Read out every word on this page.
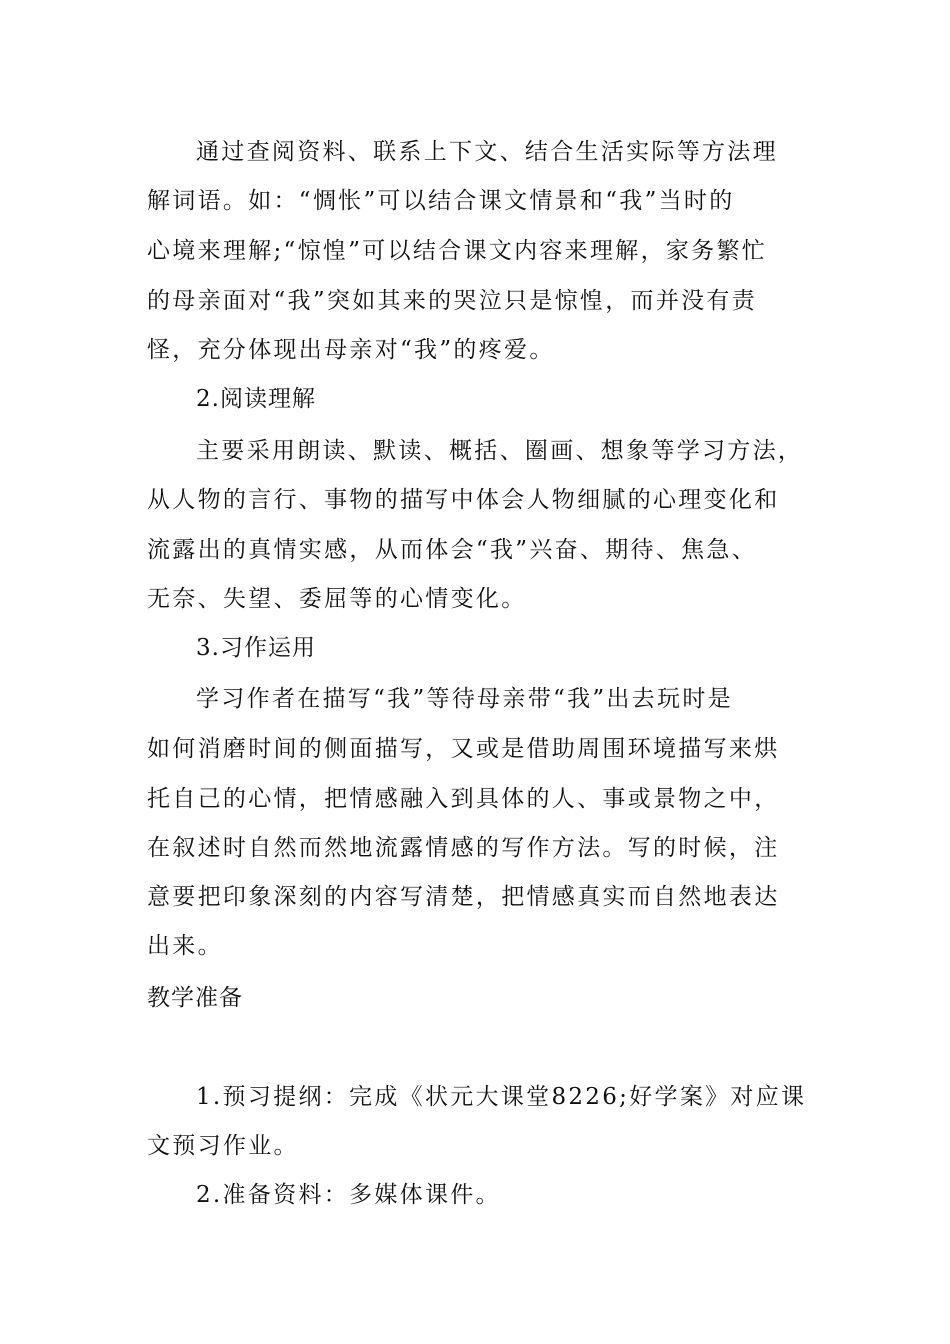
通过查阅资料、联系上下文、结合生活实际等方法理
解词语。如：“惆怅”可以结合课文情景和“我”当时的
心境来理解;“惊惶”可以结合课文内容来理解，家务繁忙
的母亲面对“我”突如其来的哭泣只是惊惶，而并没有责
怪，充分体现出母亲对“我”的疼爱。
2.阅读理解
主要采用朗读、默读、概括、圈画、想象等学习方法，
从人物的言行、事物的描写中体会人物细腻的心理变化和
流露出的真情实感，从而体会“我”兴奋、期待、焦急、
无奈、失望、委屈等的心情变化。
3.习作运用
学习作者在描写“我”等待母亲带“我”出去玩时是
如何消磨时间的侧面描写，又或是借助周围环境描写来烘
托自己的心情，把情感融入到具体的人、事或景物之中，
在叙述时自然而然地流露情感的写作方法。写的时候，注
意要把印象深刻的内容写清楚，把情感真实而自然地表达
出来。
教学准备
1.预习提纲：完成《状元大课堂8226;好学案》对应课
文预习作业。
2.准备资料：多媒体课件。
